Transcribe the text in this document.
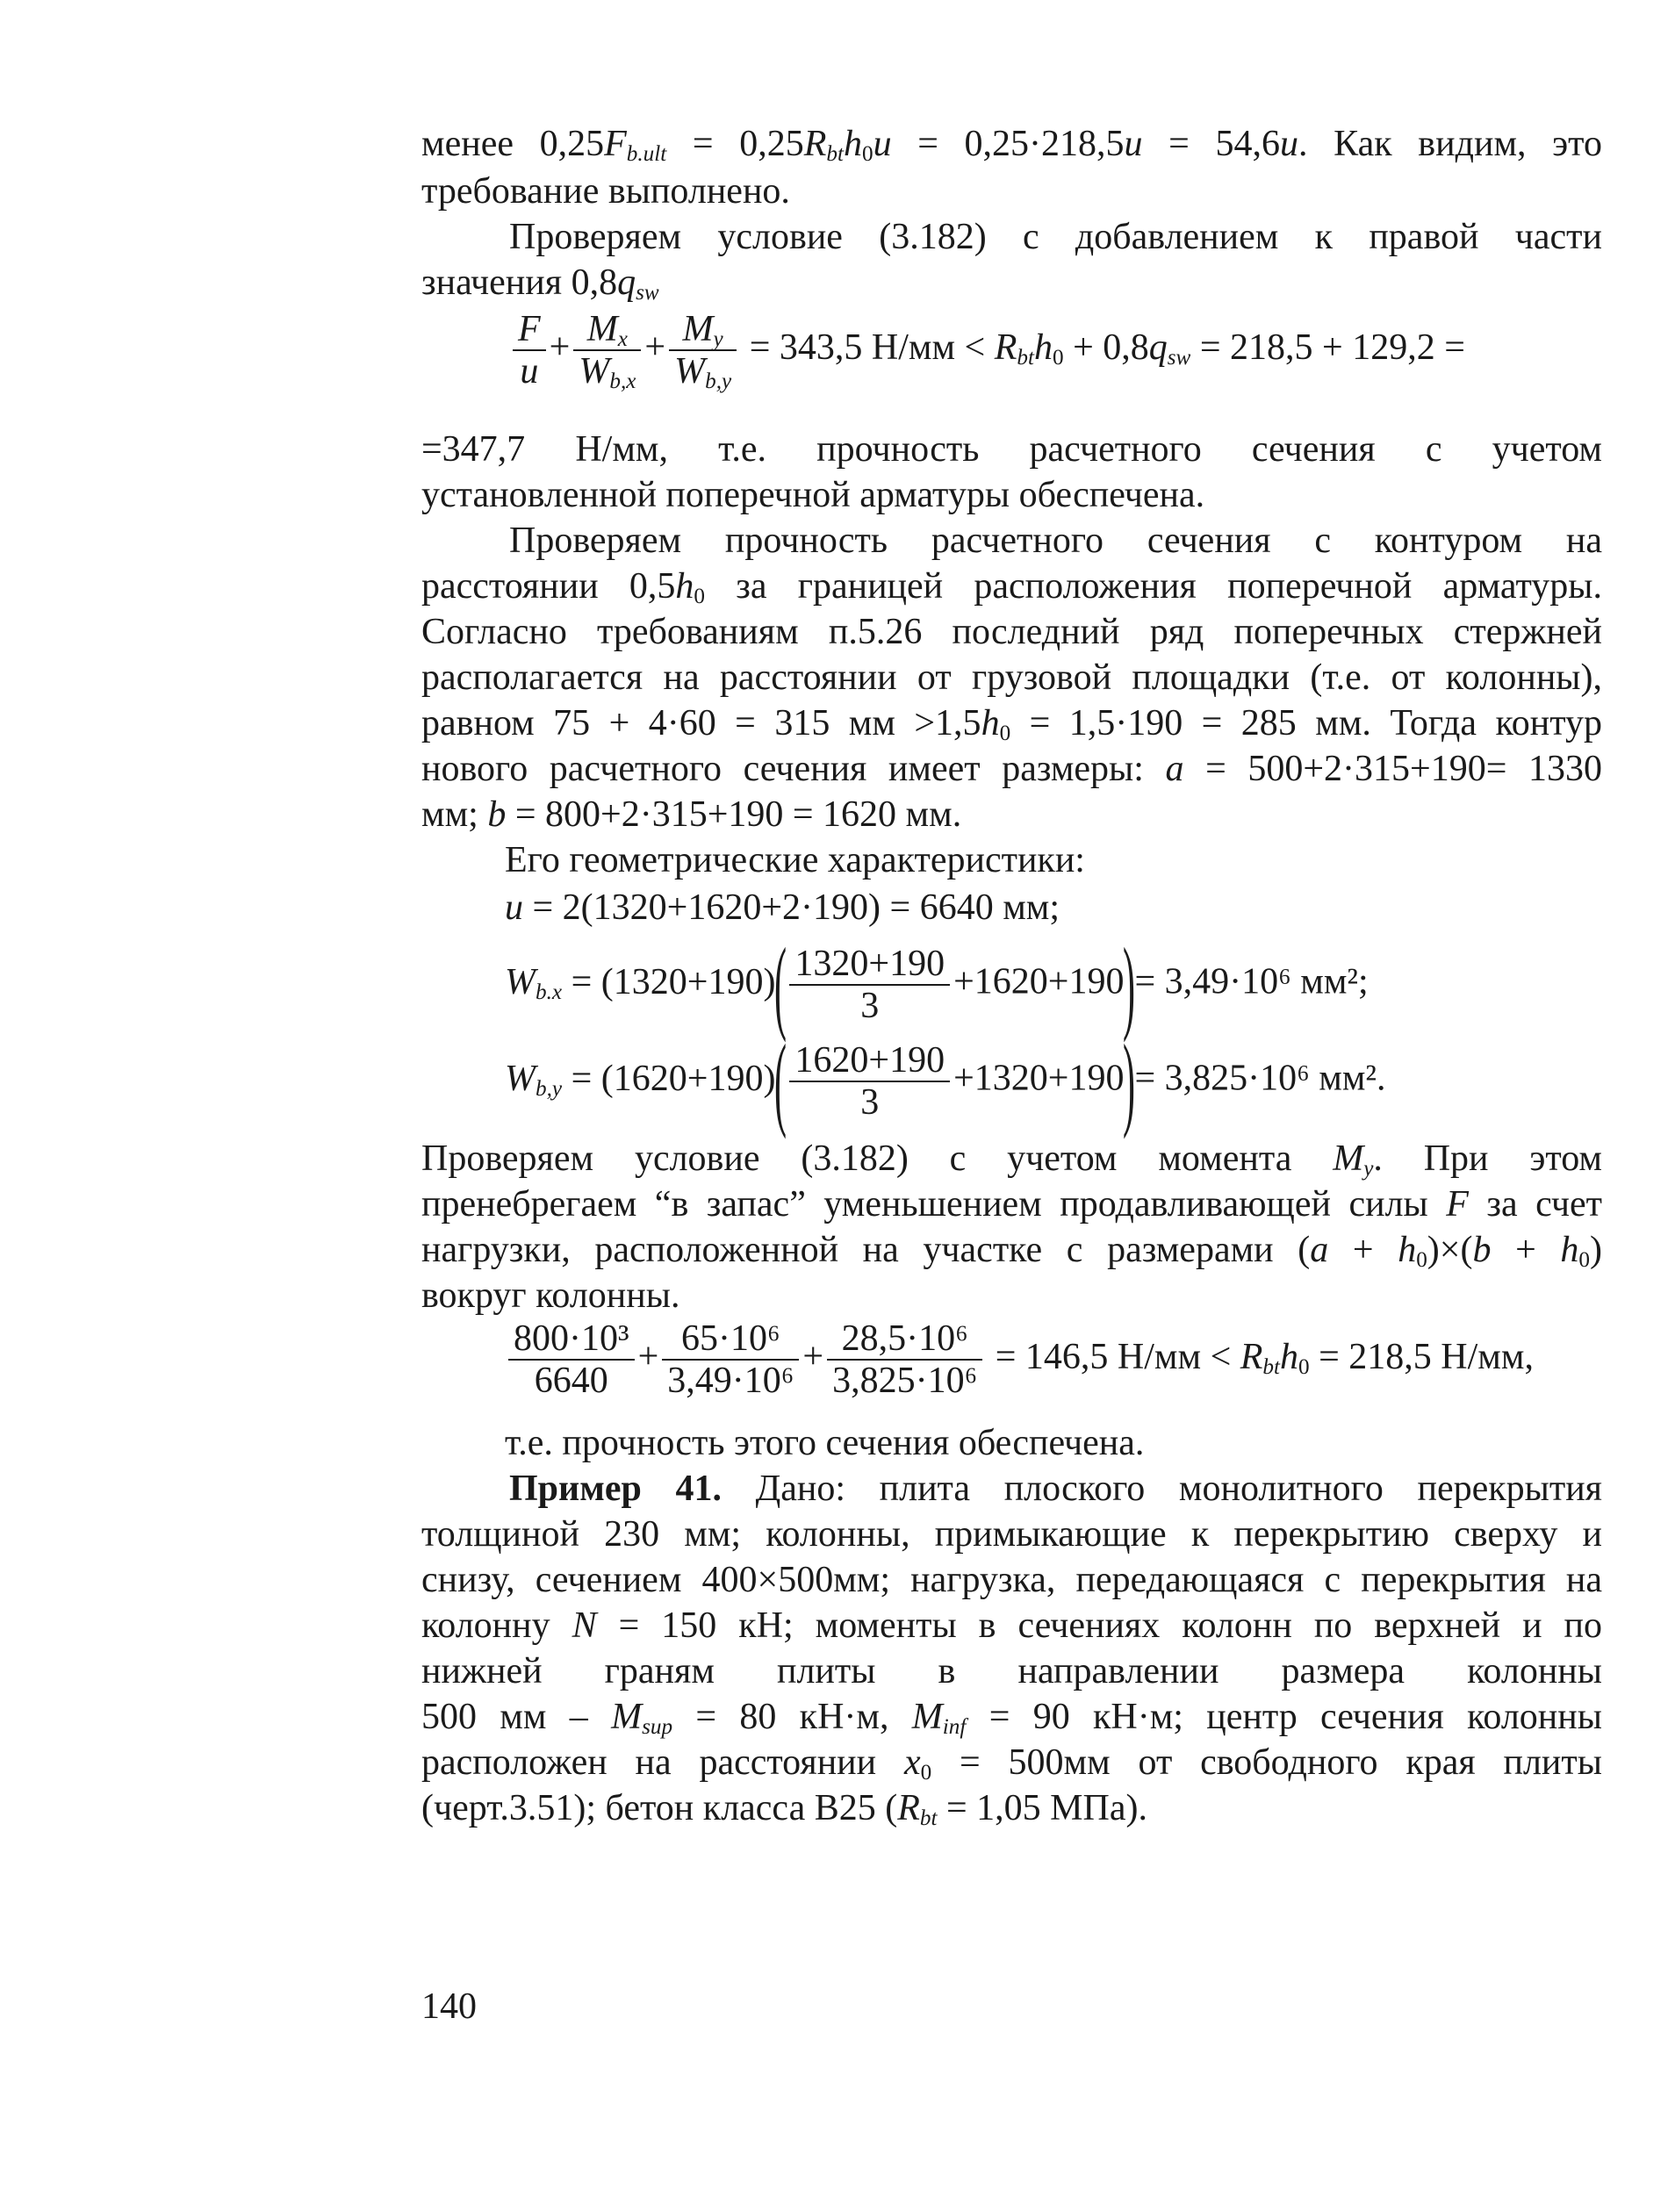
менее $0,25F_{b.ult} = 0,25R_{bt}h_0u = 0,25\cdot 218,5u = 54,6u$. Как видим, это
требование выполнено.
Проверяем условие (3.182) с добавлением к правой части
значения $0,8q_{sw}$
$\frac{F}{u} + \frac{M_x}{W_{b,x}} + \frac{M_y}{W_{b,y}} = 343,5$ $Н/мм < R_{bt}h_0 + 0,8q_{sw} = 218,5 + 129,2$ =
=347,7 Н/мм, т.е. прочность расчетного сечения с учетом
установленной поперечной арматуры обеспечена.
Проверяем прочность расчетного сечения с контуром на
расстоянии $0,5h_0$ за границей расположения поперечной арматуры.
Согласно требованиям п.5.26 последний ряд поперечных стержней
располагается на расстоянии от грузовой площадки (т.е. от колонны),
равном 75 + 4·60 = 315 мм $>1,5h_0 = 1,5\cdot 190 = 285$ мм. Тогда контур
нового расчетного сечения имеет размеры: a = 500+2·315+190= 1330
мм; b = 800+2·315+190 = 1620 мм.
Его геометрические характеристики:
u = 2(1320+1620+2·190) = 6640 мм;
$W_{b.x} = (1320+190)( \frac{1320+190}{3} +1620+190)= 3,49\cdot 10^6$ мм²;
$W_{b,y} = (1620+190)( \frac{1620+190}{3} +1320+190)= 3,825\cdot 10^6$ мм².
Проверяем условие (3.182) с учетом момента $M_y$. При этом
пренебрегаем “в запас” уменьшением продавливающей силы F за счет
нагрузки, расположенной на участке с размерами $(a + h_0)\times(b + h_0)$
вокруг колонны.
$\frac{\text{800·10³}}{6640} + \frac{\text{65·10⁶}}{\text{3,49·10⁶}} + \frac{\text{28,5·10⁶}}{\text{3,825·10⁶}} = 146,5$ $Н/мм < R_{bt}h_0 = 218,5$ Н/мм,
т.е. прочность этого сечения обеспечена.
Пример 41. Дано: плита плоского монолитного перекрытия
толщиной 230 мм; колонны, примыкающие к перекрытию сверху и
снизу, сечением 400×500мм; нагрузка, передающаяся с перекрытия на
колонну N = 150 кН; моменты в сечениях колонн по верхней и по
нижней граням плиты в направлении размера колонны
500 мм – $M_{sup} = 80$ кН·м, $M_{inf} = 90$ кН·м; центр сечения колонны
расположен на расстоянии $x_0 = 500мм$ от свободного края плиты
(черт.3.51); бетон класса В25 ($R_{bt} = 1,05$ МПа).
140
